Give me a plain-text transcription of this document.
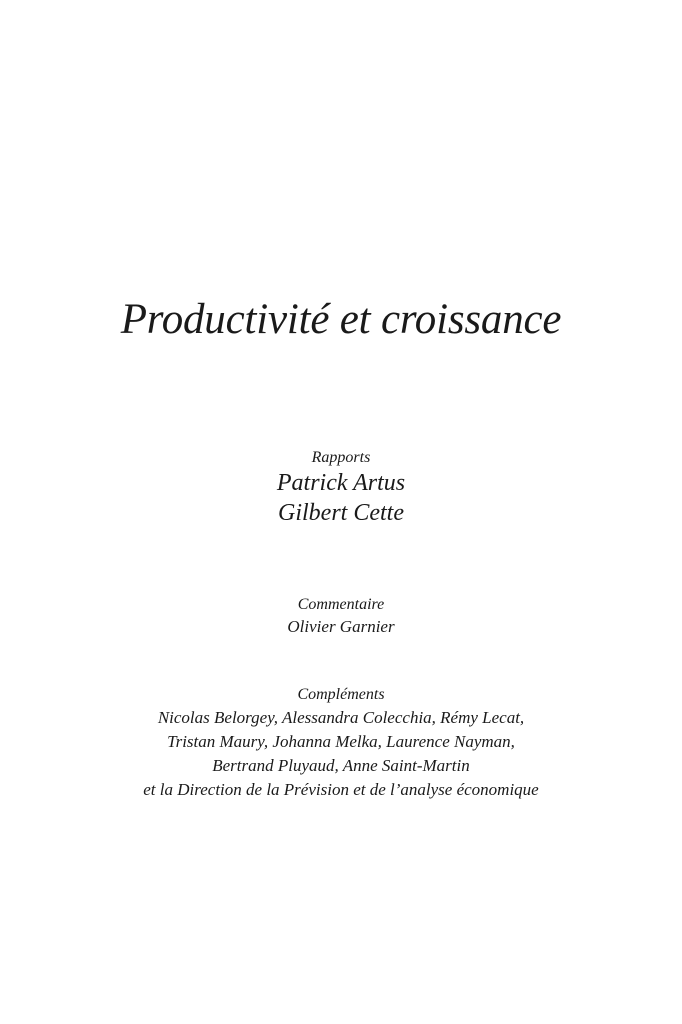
Productivité et croissance
Rapports
Patrick Artus
Gilbert Cette
Commentaire
Olivier Garnier
Compléments
Nicolas Belorgey, Alessandra Colecchia, Rémy Lecat,
Tristan Maury, Johanna Melka, Laurence Nayman,
Bertrand Pluyaud, Anne Saint-Martin
et la Direction de la Prévision et de l’analyse économique
